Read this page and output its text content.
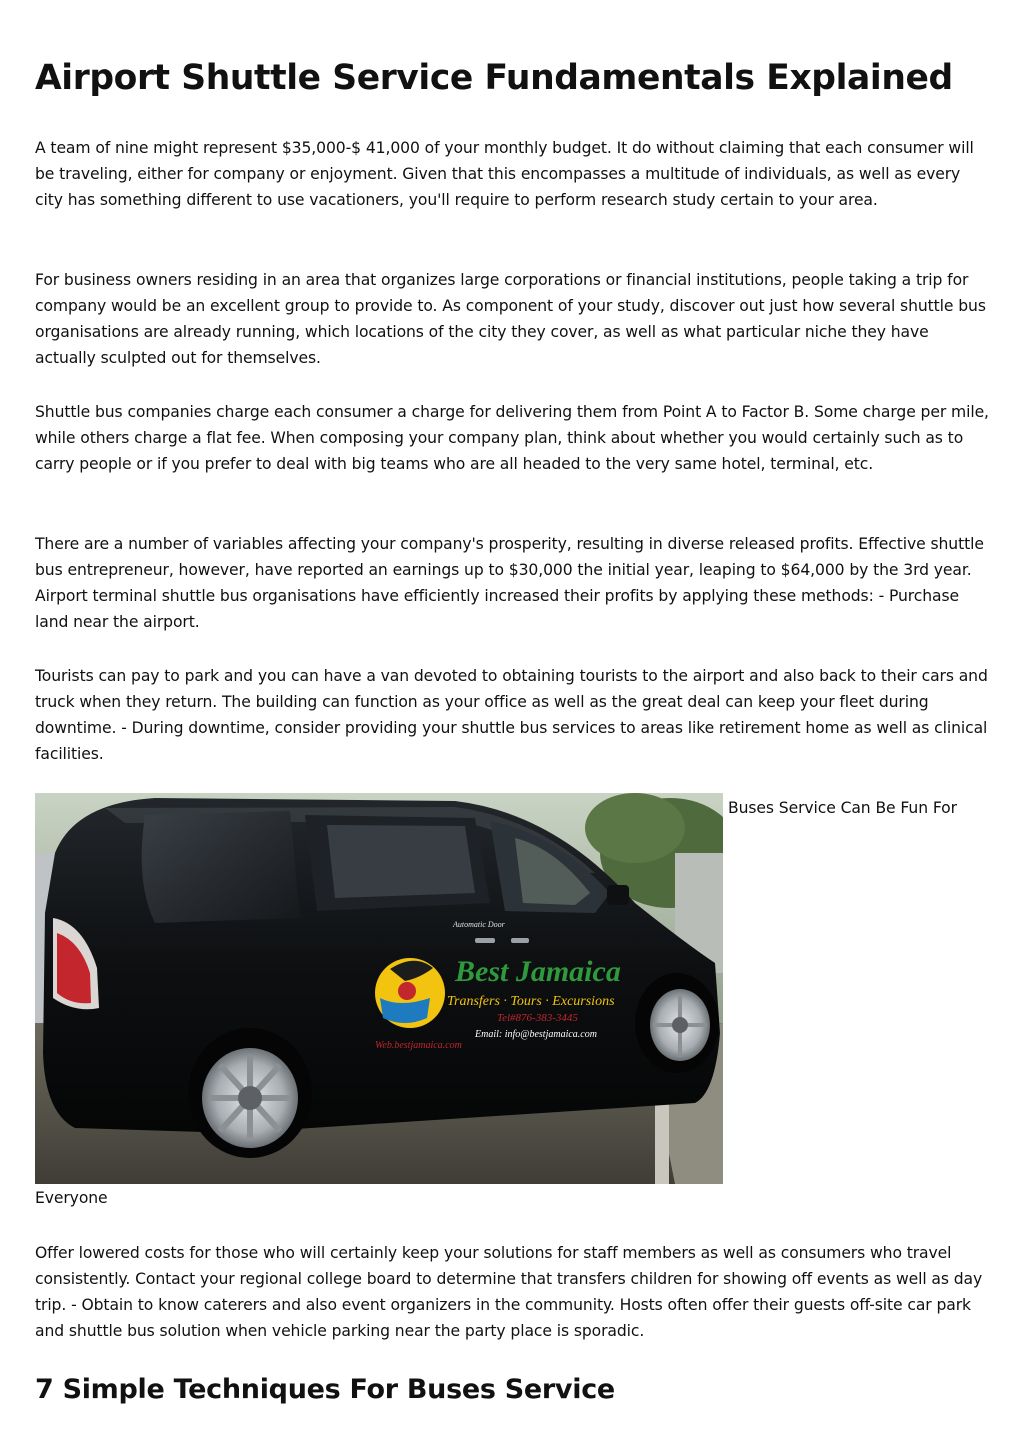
Airport Shuttle Service Fundamentals Explained

A team of nine might represent $35,000-$ 41,000 of your monthly budget. It do without claiming that each consumer will be traveling, either for company or enjoyment. Given that this encompasses a multitude of individuals, as well as every city has something different to use vacationers, you'll require to perform research study certain to your area.

For business owners residing in an area that organizes large corporations or financial institutions, people taking a trip for company would be an excellent group to provide to. As component of your study, discover out just how several shuttle bus organisations are already running, which locations of the city they cover, as well as what particular niche they have actually sculpted out for themselves.

Shuttle bus companies charge each consumer a charge for delivering them from Point A to Factor B. Some charge per mile, while others charge a flat fee. When composing your company plan, think about whether you would certainly such as to carry people or if you prefer to deal with big teams who are all headed to the very same hotel, terminal, etc.

There are a number of variables affecting your company's prosperity, resulting in diverse released profits. Effective shuttle bus entrepreneur, however, have reported an earnings up to $30,000 the initial year, leaping to $64,000 by the 3rd year. Airport terminal shuttle bus organisations have efficiently increased their profits by applying these methods: - Purchase land near the airport.

Tourists can pay to park and you can have a van devoted to obtaining tourists to the airport and also back to their cars and truck when they return. The building can function as your office as well as the great deal can keep your fleet during downtime. - During downtime, consider providing your shuttle bus services to areas like retirement home as well as clinical facilities.

Best Jamaica
Transfers · Tours · Excursions
Tel#876-383-3445
Email: info@bestjamaica.com
Web.bestjamaica.com
Automatic Door

Buses Service Can Be Fun For

Everyone

Offer lowered costs for those who will certainly keep your solutions for staff members as well as consumers who travel consistently. Contact your regional college board to determine that transfers children for showing off events as well as day trip. - Obtain to know caterers and also event organizers in the community. Hosts often offer their guests off-site car park and shuttle bus solution when vehicle parking near the party place is sporadic.

7 Simple Techniques For Buses Service
